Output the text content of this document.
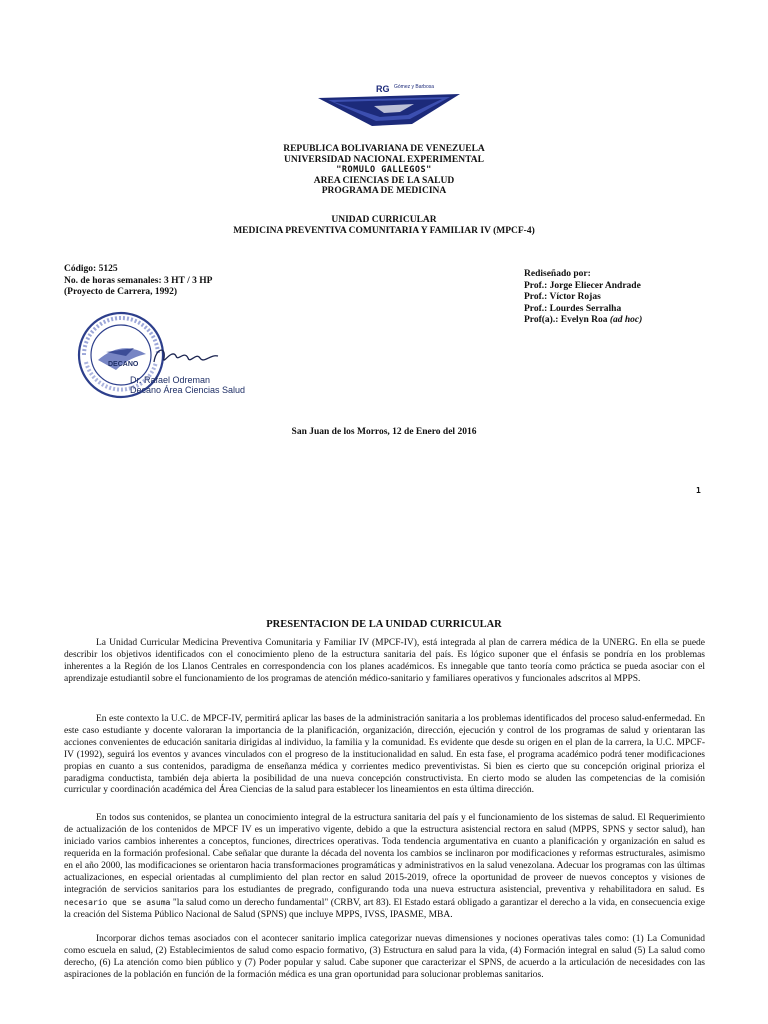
RG Gómez y Barbosa
REPUBLICA BOLIVARIANA DE VENEZUELA
UNIVERSIDAD NACIONAL EXPERIMENTAL
"ROMULO GALLEGOS"
AREA CIENCIAS DE LA SALUD
PROGRAMA DE MEDICINA
UNIDAD CURRICULAR
MEDICINA PREVENTIVA COMUNITARIA Y FAMILIAR IV (MPCF-4)
Código: 5125
No. de horas semanales: 3 HT / 3 HP
(Proyecto de Carrera, 1992)
Rediseñado por:
Prof.: Jorge Eliecer Andrade
Prof.: Víctor Rojas
Prof.: Lourdes Serralha
Prof(a).: Evelyn Roa (ad hoc)
DECANO
Dr. Rafael Odreman
Decano Área Ciencias Salud
San Juan de los Morros, 12 de Enero del 2016
1
PRESENTACION DE LA UNIDAD CURRICULAR

La Unidad Curricular Medicina Preventiva Comunitaria y Familiar IV (MPCF-IV), está integrada al plan de carrera médica de la UNERG. En ella se puede describir los objetivos identificados con el conocimiento pleno de la estructura sanitaria del país. Es lógico suponer que el énfasis se pondría en los problemas inherentes a la Región de los Llanos Centrales en correspondencia con los planes académicos. Es innegable que tanto teoría como práctica se pueda asociar con el aprendizaje estudiantil sobre el funcionamiento de los programas de atención médico-sanitario y familiares operativos y funcionales adscritos al MPPS.

En este contexto la U.C. de MPCF-IV, permitirá aplicar las bases de la administración sanitaria a los problemas identificados del proceso salud-enfermedad. En este caso estudiante y docente valoraran la importancia de la planificación, organización, dirección, ejecución y control de los programas de salud y orientaran las acciones convenientes de educación sanitaria dirigidas al individuo, la familia y la comunidad. Es evidente que desde su origen en el plan de la carrera, la U.C. MPCF-IV (1992), seguirá los eventos y avances vinculados con el progreso de la institucionalidad en salud. En esta fase, el programa académico podrá tener modificaciones propias en cuanto a sus contenidos, paradigma de enseñanza médica y corrientes medico preventivistas. Si bien es cierto que su concepción original prioriza el paradigma conductista, también deja abierta la posibilidad de una nueva concepción constructivista. En cierto modo se aluden las competencias de la comisión curricular y coordinación académica del Área Ciencias de la salud para establecer los lineamientos en esta última dirección.

En todos sus contenidos, se plantea un conocimiento integral de la estructura sanitaria del país y el funcionamiento de los sistemas de salud. El Requerimiento de actualización de los contenidos de MPCF IV es un imperativo vigente, debido a que la estructura asistencial rectora en salud (MPPS, SPNS y sector salud), han iniciado varios cambios inherentes a conceptos, funciones, directrices operativas. Toda tendencia argumentativa en cuanto a planificación y organización en salud es requerida en la formación profesional. Cabe señalar que durante la década del noventa los cambios se inclinaron por modificaciones y reformas estructurales, asimismo en el año 2000, las modificaciones se orientaron hacia transformaciones programáticas y administrativos en la salud venezolana. Adecuar los programas con las últimas actualizaciones, en especial orientadas al cumplimiento del plan rector en salud 2015-2019, ofrece la oportunidad de proveer de nuevos conceptos y visiones de integración de servicios sanitarios para los estudiantes de pregrado, configurando toda una nueva estructura asistencial, preventiva y rehabilitadora en salud. Es necesario que se asuma "la salud como un derecho fundamental" (CRBV, art 83). El Estado estará obligado a garantizar el derecho a la vida, en consecuencia exige la creación del Sistema Público Nacional de Salud (SPNS) que incluye MPPS, IVSS, IPASME, MBA.

Incorporar dichos temas asociados con el acontecer sanitario implica categorizar nuevas dimensiones y nociones operativas tales como: (1) La Comunidad como escuela en salud, (2) Establecimientos de salud como espacio formativo, (3) Estructura en salud para la vida, (4) Formación integral en salud (5) La salud como derecho, (6) La atención como bien público y (7) Poder popular y salud. Cabe suponer que caracterizar el SPNS, de acuerdo a la articulación de necesidades con las aspiraciones de la población en función de la formación médica es una gran oportunidad para solucionar problemas sanitarios.
